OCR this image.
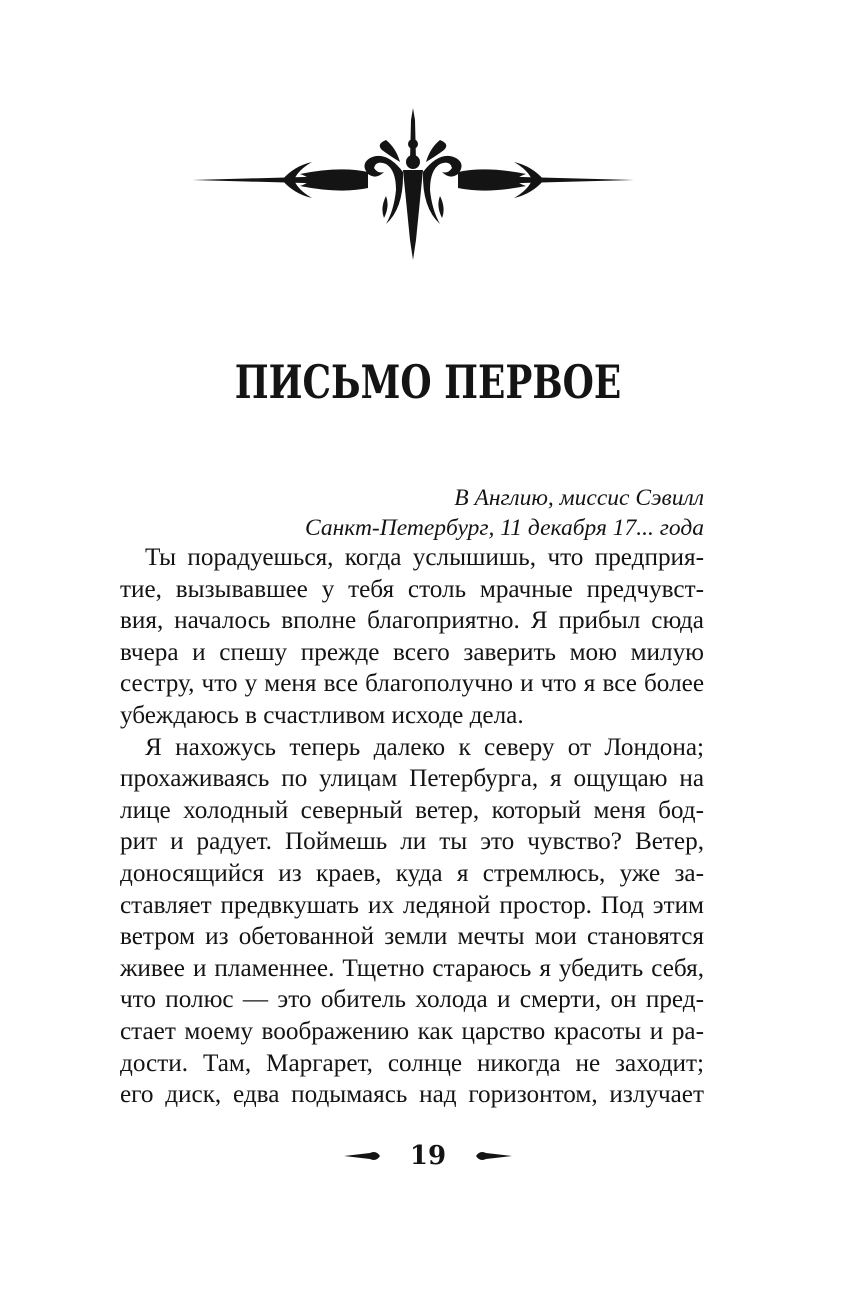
ПИСЬМО ПЕРВОЕ
В Англию, миссис Сэвилл
Санкт-Петербург, 11 декабря 17... года
Ты порадуешься, когда услышишь, что предприя-
тие, вызывавшее у тебя столь мрачные предчувст-
вия, началось вполне благоприятно. Я прибыл сюда
вчера и спешу прежде всего заверить мою милую
сестру, что у меня все благополучно и что я все более
убеждаюсь в счастливом исходе дела.
Я нахожусь теперь далеко к северу от Лондона;
прохаживаясь по улицам Петербурга, я ощущаю на
лице холодный северный ветер, который меня бод-
рит и радует. Поймешь ли ты это чувство? Ветер,
доносящийся из краев, куда я стремлюсь, уже за-
ставляет предвкушать их ледяной простор. Под этим
ветром из обетованной земли мечты мои становятся
живее и пламеннее. Тщетно стараюсь я убедить себя,
что полюс — это обитель холода и смерти, он пред-
стает моему воображению как царство красоты и ра-
дости. Там, Маргарет, солнце никогда не заходит;
его диск, едва подымаясь над горизонтом, излучает
19
